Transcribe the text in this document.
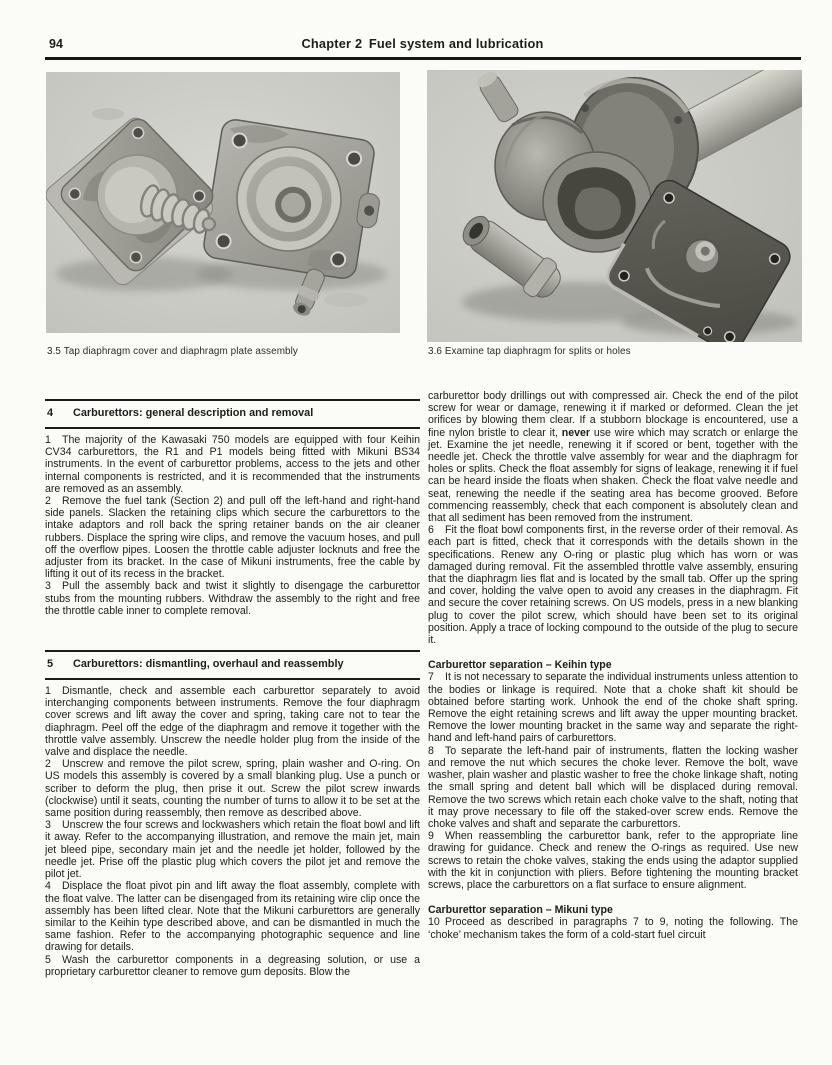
94	Chapter 2 Fuel system and lubrication

3.5 Tap diaphragm cover and diaphragm plate assembly	3.6 Examine tap diaphragm for splits or holes

4 Carburettors: general description and removal

1 The majority of the Kawasaki 750 models are equipped with four Keihin CV34 carburettors, the R1 and P1 models being fitted with Mikuni BS34 instruments. In the event of carburettor problems, access to the jets and other internal components is restricted, and it is recommended that the instruments are removed as an assembly.

2 Remove the fuel tank (Section 2) and pull off the left-hand and right-hand side panels. Slacken the retaining clips which secure the carburettors to the intake adaptors and roll back the spring retainer bands on the air cleaner rubbers. Displace the spring wire clips, and remove the vacuum hoses, and pull off the overflow pipes. Loosen the throttle cable adjuster locknuts and free the adjuster from its bracket. In the case of Mikuni instruments, free the cable by lifting it out of its recess in the bracket.

3 Pull the assembly back and twist it slightly to disengage the carburettor stubs from the mounting rubbers. Withdraw the assembly to the right and free the throttle cable inner to complete removal.

5 Carburettors: dismantling, overhaul and reassembly

1 Dismantle, check and assemble each carburettor separately to avoid interchanging components between instruments. Remove the four diaphragm cover screws and lift away the cover and spring, taking care not to tear the diaphragm. Peel off the edge of the diaphragm and remove it together with the throttle valve assembly. Unscrew the needle holder plug from the inside of the valve and displace the needle.

2 Unscrew and remove the pilot screw, spring, plain washer and O-ring. On US models this assembly is covered by a small blanking plug. Use a punch or scriber to deform the plug, then prise it out. Screw the pilot screw inwards (clockwise) until it seats, counting the number of turns to allow it to be set at the same position during reassembly, then remove as described above.

3 Unscrew the four screws and lockwashers which retain the float bowl and lift it away. Refer to the accompanying illustration, and remove the main jet, main jet bleed pipe, secondary main jet and the needle jet holder, followed by the needle jet. Prise off the plastic plug which covers the pilot jet and remove the pilot jet.

4 Displace the float pivot pin and lift away the float assembly, complete with the float valve. The latter can be disengaged from its retaining wire clip once the assembly has been lifted clear. Note that the Mikuni carburettors are generally similar to the Keihin type described above, and can be dismantled in much the same fashion. Refer to the accompanying photographic sequence and line drawing for details.

5 Wash the carburettor components in a degreasing solution, or use a proprietary carburettor cleaner to remove gum deposits. Blow the

carburettor body drillings out with compressed air. Check the end of the pilot screw for wear or damage, renewing it if marked or deformed. Clean the jet orifices by blowing them clear. If a stubborn blockage is encountered, use a fine nylon bristle to clear it, never use wire which may scratch or enlarge the jet. Examine the jet needle, renewing it if scored or bent, together with the needle jet. Check the throttle valve assembly for wear and the diaphragm for holes or splits. Check the float assembly for signs of leakage, renewing it if fuel can be heard inside the floats when shaken. Check the float valve needle and seat, renewing the needle if the seating area has become grooved. Before commencing reassembly, check that each component is absolutely clean and that all sediment has been removed from the instrument.

6 Fit the float bowl components first, in the reverse order of their removal. As each part is fitted, check that it corresponds with the details shown in the specifications. Renew any O-ring or plastic plug which has worn or was damaged during removal. Fit the assembled throttle valve assembly, ensuring that the diaphragm lies flat and is located by the small tab. Offer up the spring and cover, holding the valve open to avoid any creases in the diaphragm. Fit and secure the cover retaining screws. On US models, press in a new blanking plug to cover the pilot screw, which should have been set to its original position. Apply a trace of locking compound to the outside of the plug to secure it.

Carburettor separation – Keihin type

7 It is not necessary to separate the individual instruments unless attention to the bodies or linkage is required. Note that a choke shaft kit should be obtained before starting work. Unhook the end of the choke shaft spring. Remove the eight retaining screws and lift away the upper mounting bracket. Remove the lower mounting bracket in the same way and separate the right-hand and left-hand pairs of carburettors.

8 To separate the left-hand pair of instruments, flatten the locking washer and remove the nut which secures the choke lever. Remove the bolt, wave washer, plain washer and plastic washer to free the choke linkage shaft, noting the small spring and detent ball which will be displaced during removal. Remove the two screws which retain each choke valve to the shaft, noting that it may prove necessary to file off the staked-over screw ends. Remove the choke valves and shaft and separate the carburettors.

9 When reassembling the carburettor bank, refer to the appropriate line drawing for guidance. Check and renew the O-rings as required. Use new screws to retain the choke valves, staking the ends using the adaptor supplied with the kit in conjunction with pliers. Before tightening the mounting bracket screws, place the carburettors on a flat surface to ensure alignment.

Carburettor separation – Mikuni type

10 Proceed as described in paragraphs 7 to 9, noting the following. The ‘choke’ mechanism takes the form of a cold-start fuel circuit
